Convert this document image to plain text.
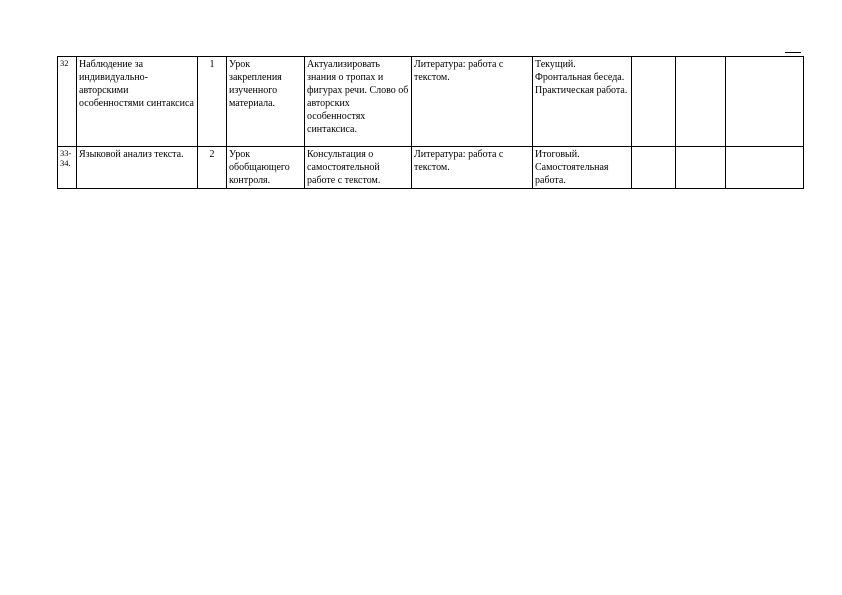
32	Наблюдение за индивидуально-авторскими особенностями синтаксиса	1	Урок закрепления изученного материала.	Актуализировать знания о тропах и фигурах речи. Слово об авторских особенностях синтаксиса.	Литература: работа с текстом.	Текущий. Фронтальная беседа. Практическая работа.			
33-34.	Языковой анализ текста.	2	Урок обобщающего контроля.	Консультация о самостоятельной работе с текстом.	Литература: работа с текстом.	Итоговый. Самостоятельная работа.			
